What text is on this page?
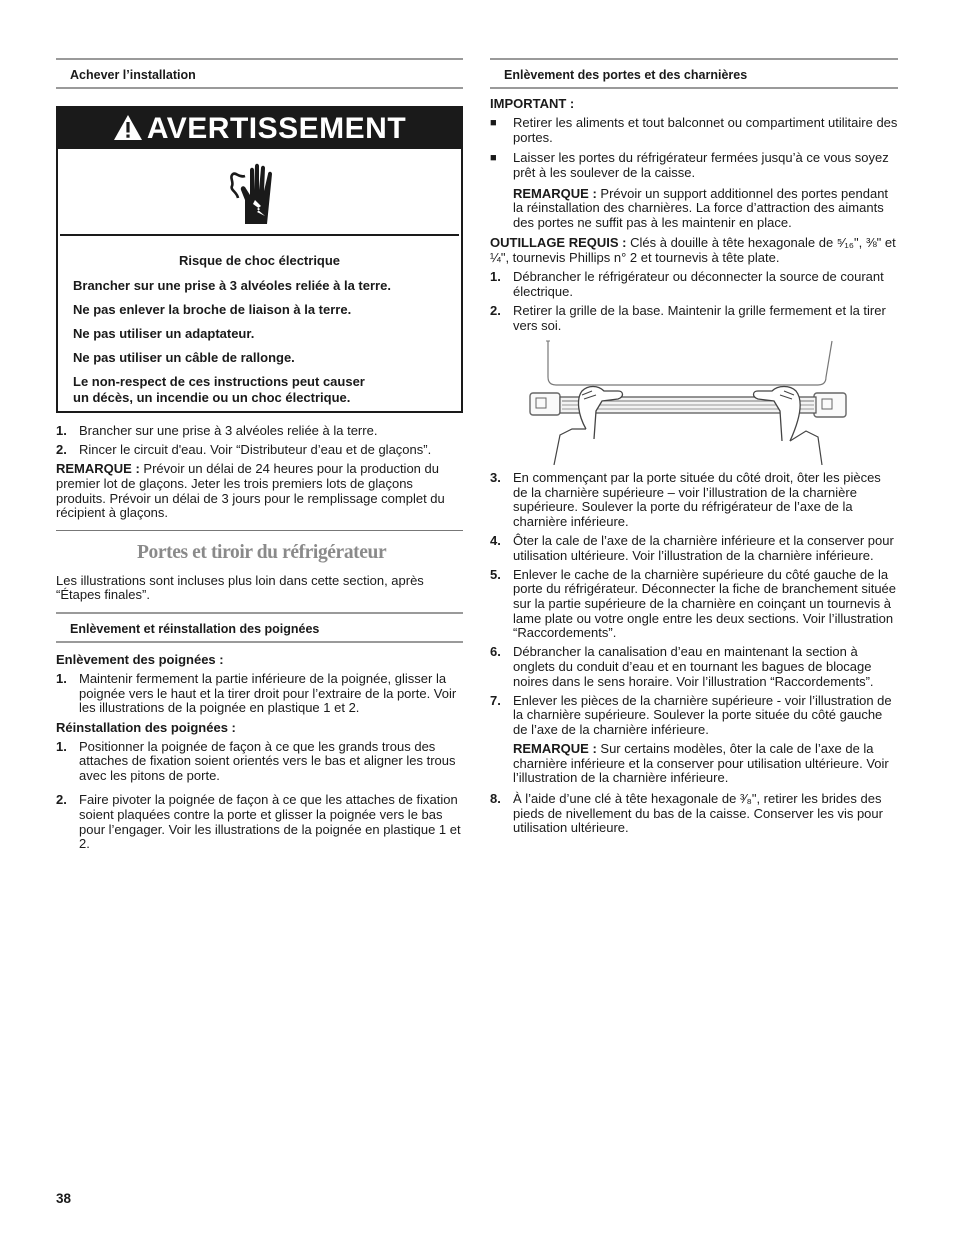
Achever l’installation
AVERTISSEMENT

Risque de choc électrique

Brancher sur une prise à 3 alvéoles reliée à la terre.

Ne pas enlever la broche de liaison à la terre.

Ne pas utiliser un adaptateur.

Ne pas utiliser un câble de rallonge.

Le non-respect de ces instructions peut causer
un décès, un incendie ou un choc électrique.

1. Brancher sur une prise à 3 alvéoles reliée à la terre.
2. Rincer le circuit d'eau. Voir “Distributeur d’eau et de glaçons”.
REMARQUE : Prévoir un délai de 24 heures pour la production du premier lot de glaçons. Jeter les trois premiers lots de glaçons produits. Prévoir un délai de 3 jours pour le remplissage complet du récipient à glaçons.
Portes et tiroir du réfrigérateur
Les illustrations sont incluses plus loin dans cette section, après “Étapes finales”.
Enlèvement et réinstallation des poignées
Enlèvement des poignées :
1. Maintenir fermement la partie inférieure de la poignée, glisser la poignée vers le haut et la tirer droit pour l’extraire de la porte. Voir les illustrations de la poignée en plastique 1 et 2.
Réinstallation des poignées :
1. Positionner la poignée de façon à ce que les grands trous des attaches de fixation soient orientés vers le bas et aligner les trous avec les pitons de porte.
2. Faire pivoter la poignée de façon à ce que les attaches de fixation soient plaquées contre la porte et glisser la poignée vers le bas pour l’engager. Voir les illustrations de la poignée en plastique 1 et 2.
Enlèvement des portes et des charnières
IMPORTANT :
■ Retirer les aliments et tout balconnet ou compartiment utilitaire des portes.
■ Laisser les portes du réfrigérateur fermées jusqu’à ce vous soyez prêt à les soulever de la caisse.
REMARQUE : Prévoir un support additionnel des portes pendant la réinstallation des charnières. La force d’attraction des aimants des portes ne suffit pas à les maintenir en place.
OUTILLAGE REQUIS : Clés à douille à tête hexagonale de ⁵⁄₁₆", ⅜" et ¼", tournevis Phillips n° 2 et tournevis à tête plate.
1. Débrancher le réfrigérateur ou déconnecter la source de courant électrique.
2. Retirer la grille de la base. Maintenir la grille fermement et la tirer vers soi.
3. En commençant par la porte située du côté droit, ôter les pièces de la charnière supérieure – voir l’illustration de la charnière supérieure. Soulever la porte du réfrigérateur de l’axe de la charnière inférieure.
4. Ôter la cale de l’axe de la charnière inférieure et la conserver pour utilisation ultérieure. Voir l’illustration de la charnière inférieure.
5. Enlever le cache de la charnière supérieure du côté gauche de la porte du réfrigérateur. Déconnecter la fiche de branchement située sur la partie supérieure de la charnière en coinçant un tournevis à lame plate ou votre ongle entre les deux sections. Voir l’illustration “Raccordements”.
6. Débrancher la canalisation d’eau en maintenant la section à onglets du conduit d’eau et en tournant les bagues de blocage noires dans le sens horaire. Voir l’illustration “Raccordements”.
7. Enlever les pièces de la charnière supérieure - voir l’illustration de la charnière supérieure. Soulever la porte située du côté gauche de l’axe de la charnière inférieure.
REMARQUE : Sur certains modèles, ôter la cale de l’axe de la charnière inférieure et la conserver pour utilisation ultérieure. Voir l’illustration de la charnière inférieure.
8. À l’aide d’une clé à tête hexagonale de ³⁄₈", retirer les brides des pieds de nivellement du bas de la caisse. Conserver les vis pour utilisation ultérieure.
38
